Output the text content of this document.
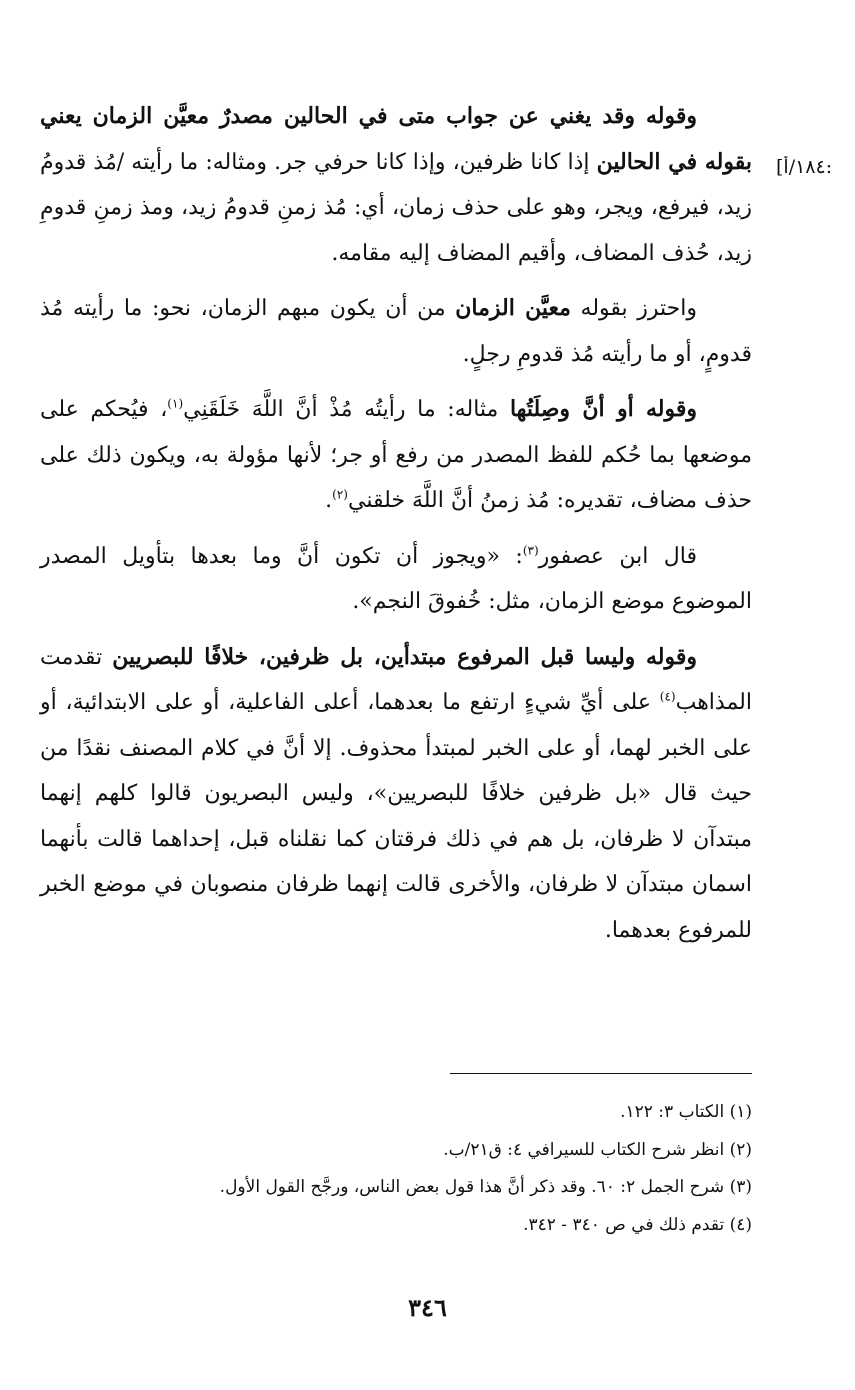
:١٨٤/أ]

وقوله وقد يغني عن جواب متى في الحالين مصدرٌ معيَّن الزمان يعني بقوله في الحالين إذا كانا ظرفين، وإذا كانا حرفي جر. ومثاله: ما رأيته /مُذ قدومُ زيد، فيرفع، ويجر، وهو على حذف زمان، أي: مُذ زمنِ قدومُ زيد، ومذ زمنِ قدومِ زيد، حُذف المضاف، وأقيم المضاف إليه مقامه.

واحترز بقوله معيَّن الزمان من أن يكون مبهم الزمان، نحو: ما رأيته مُذ قدومٍ، أو ما رأيته مُذ قدومِ رجلٍ.

وقوله أو أنَّ وصِلَتُها مثاله: ما رأيتُه مُذْ أنَّ اللَّهَ خَلَقَنِي$^{(١)}$، فيُحكم على موضعها بما حُكم للفظ المصدر من رفع أو جر؛ لأنها مؤولة به، ويكون ذلك على حذف مضاف، تقديره: مُذ زمنُ أنَّ اللَّهَ خلقني$^{(٢)}$.

قال ابن عصفور$^{(٣)}$: «ويجوز أن تكون أنَّ وما بعدها بتأويل المصدر الموضوع موضع الزمان، مثل: خُفوقَ النجم».

وقوله وليسا قبل المرفوع مبتدأين، بل ظرفين، خلافًا للبصريين تقدمت المذاهب$^{(٤)}$ على أيِّ شيءٍ ارتفع ما بعدهما، أعلى الفاعلية، أو على الابتدائية، أو على الخبر لهما، أو على الخبر لمبتدأ محذوف. إلا أنَّ في كلام المصنف نقدًا من حيث قال «بل ظرفين خلافًا للبصريين»، وليس البصريون قالوا كلهم إنهما مبتدآن لا ظرفان، بل هم في ذلك فرقتان كما نقلناه قبل، إحداهما قالت بأنهما اسمان مبتدآن لا ظرفان، والأخرى قالت إنهما ظرفان منصوبان في موضع الخبر للمرفوع بعدهما.

(١) الكتاب ٣: ١٢٢.

(٢) انظر شرح الكتاب للسيرافي ٤: ق٢١/ب.

(٣) شرح الجمل ٢: ٦٠. وقد ذكر أنَّ هذا قول بعض الناس، ورجَّح القول الأول.

(٤) تقدم ذلك في ص ٣٤٠ - ٣٤٢.

٣٤٦
